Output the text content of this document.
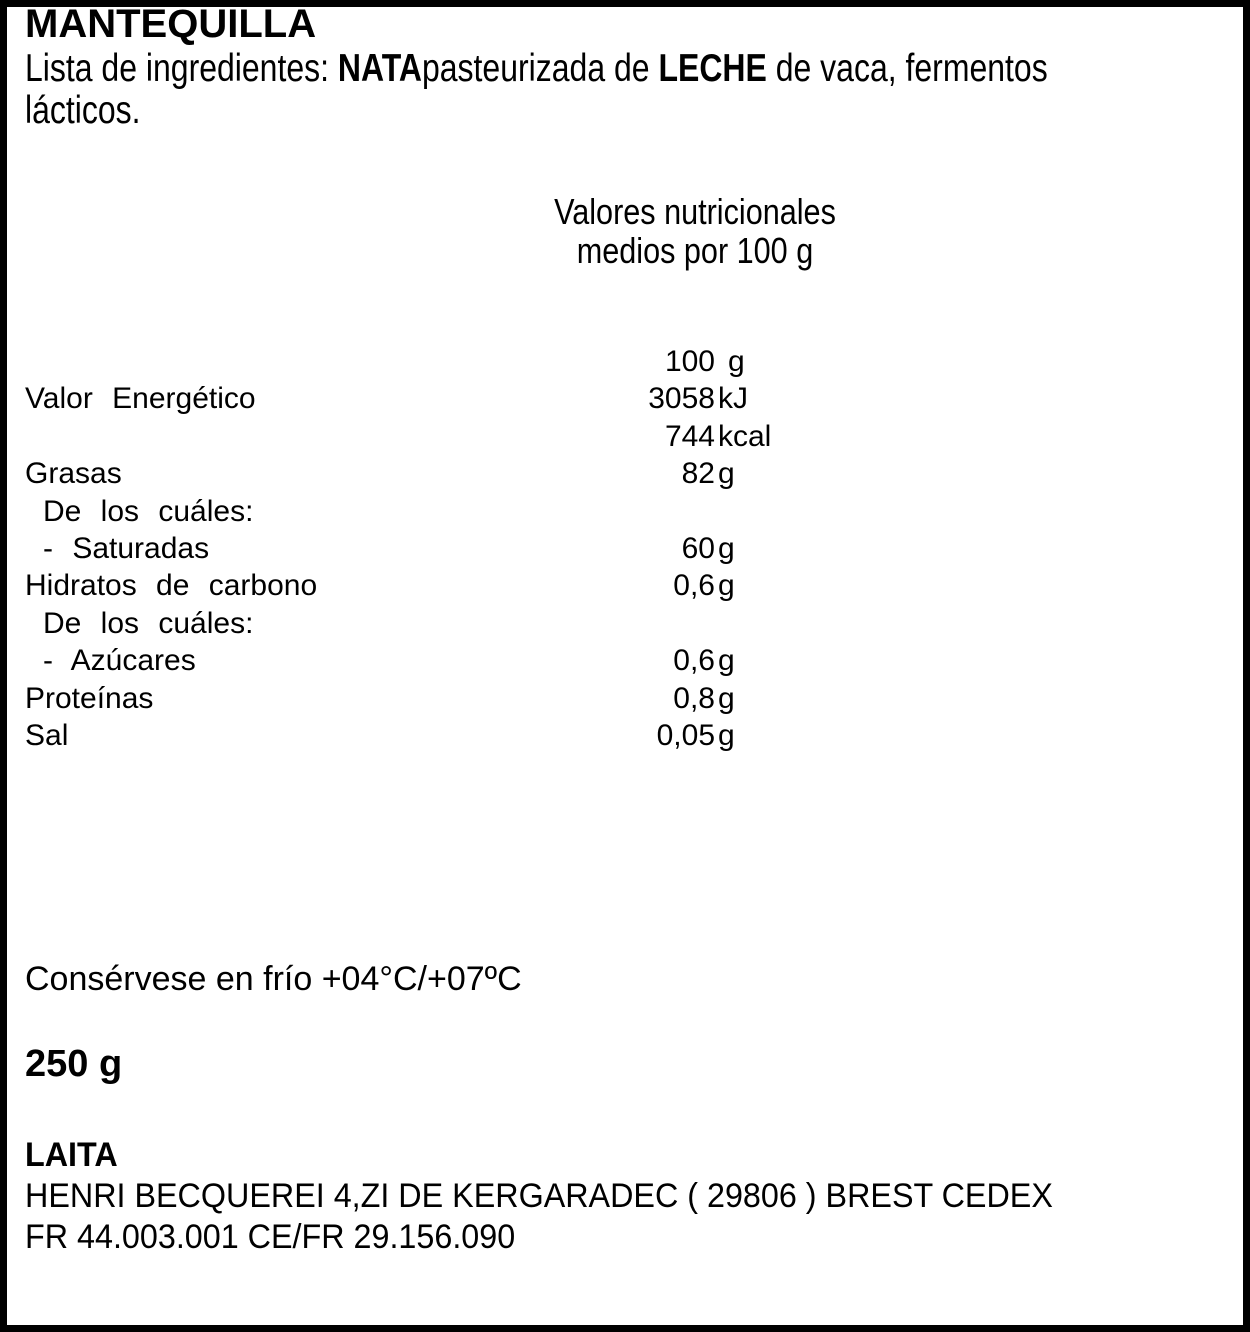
MANTEQUILLA

Lista de ingredientes: NATApasteurizada de LECHE de vaca, fermentos lácticos.

Valores nutricionales
medios por 100 g
100 g
Valor Energético	3058 kJ
744 kcal
Grasas	82 g
De los cuáles:
- Saturadas	60 g
Hidratos de carbono	0,6 g
De los cuáles:
- Azúcares	0,6 g
Proteínas	0,8 g
Sal	0,05 g

Consérvese en frío +04°C/+07ºC

250 g

LAITA
HENRI BECQUEREI 4,ZI DE KERGARADEC ( 29806 ) BREST CEDEX
FR 44.003.001 CE/FR 29.156.090
